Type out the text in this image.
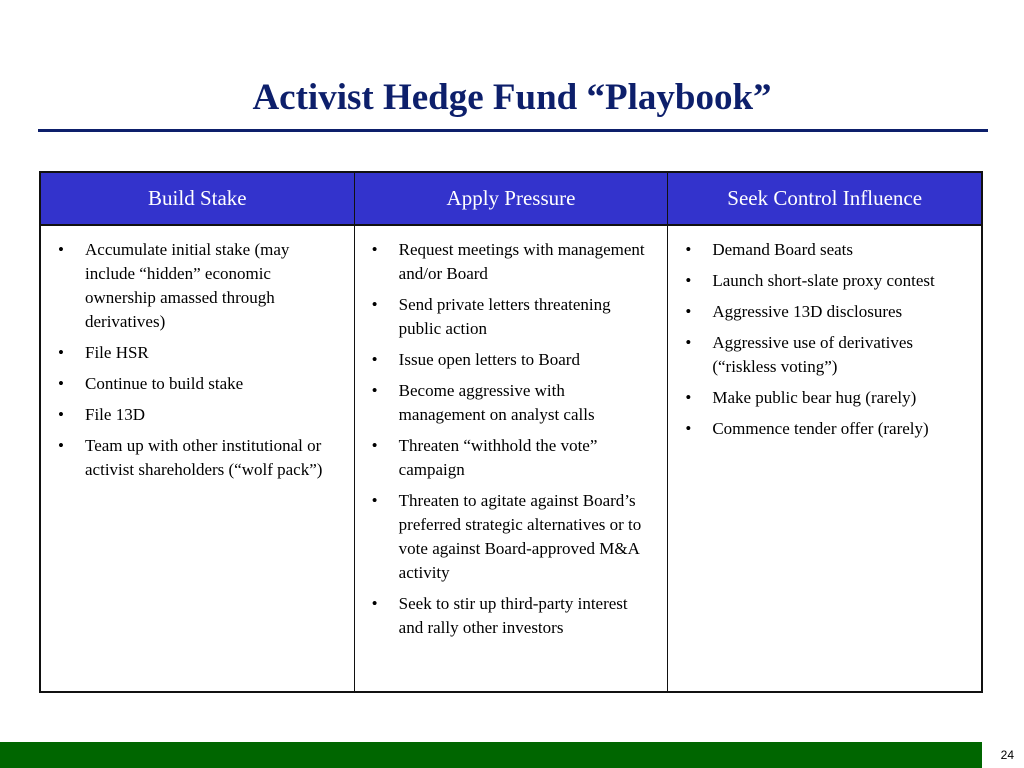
Activist Hedge Fund “Playbook”
Build Stake	Apply Pressure	Seek Control Influence
• Accumulate initial stake (may include “hidden” economic ownership amassed through derivatives)
• File HSR
• Continue to build stake
• File 13D
• Team up with other institutional or activist shareholders (“wolf pack”)
• Request meetings with management and/or Board
• Send private letters threatening public action
• Issue open letters to Board
• Become aggressive with management on analyst calls
• Threaten “withhold the vote” campaign
• Threaten to agitate against Board’s preferred strategic alternatives or to vote against Board-approved M&A activity
• Seek to stir up third-party interest and rally other investors
• Demand Board seats
• Launch short-slate proxy contest
• Aggressive 13D disclosures
• Aggressive use of derivatives (“riskless voting”)
• Make public bear hug (rarely)
• Commence tender offer (rarely)
24
